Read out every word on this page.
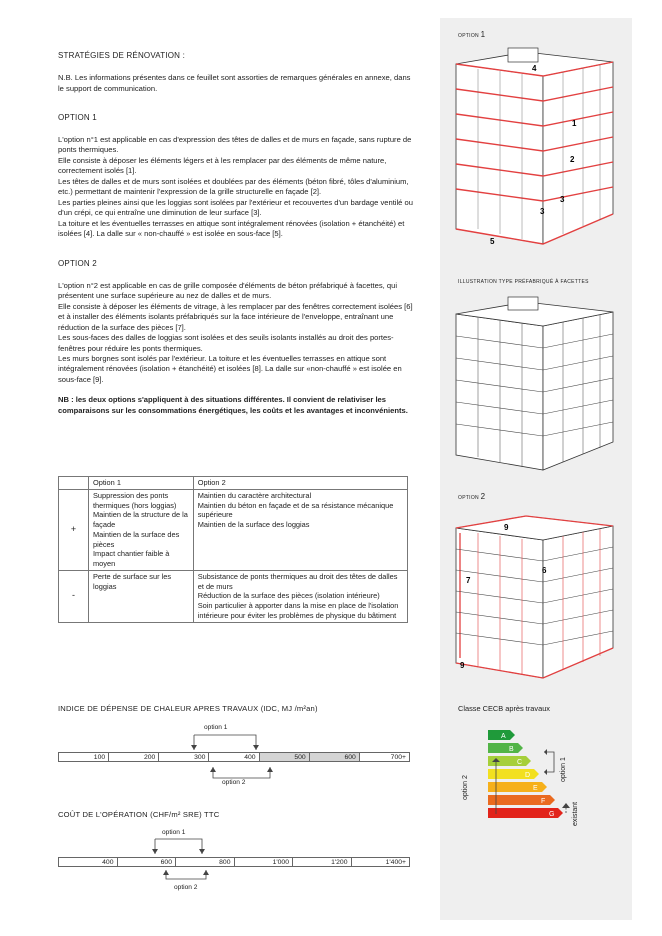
STRATÉGIES DE RÉNOVATION :
N.B. Les informations présentes dans ce feuillet sont assorties de remarques générales en annexe, dans le support de communication.
OPTION 1
L'option n°1 est applicable en cas d'expression des têtes de dalles et de murs en façade, sans rupture de ponts thermiques.
Elle consiste à déposer les éléments légers et à les remplacer par des éléments de même nature, correctement isolés [1].
Les têtes de dalles et de murs sont isolées et doublées par des éléments (béton fibré, tôles d'aluminium, etc.) permettant de maintenir l'expression de la grille structurelle en façade [2].
Les parties pleines ainsi que les loggias sont isolées par l'extérieur et recouvertes d'un bardage ventilé ou d'un crépi, ce qui entraîne une diminution de leur surface [3].
La toiture et les éventuelles terrasses en attique sont intégralement rénovées (isolation + étanchéité) et isolées [4]. La dalle sur « non-chauffé » est isolée en sous-face [5].
OPTION 2
L'option n°2 est applicable en cas de grille composée d'éléments de béton préfabriqué à facettes, qui présentent une surface supérieure au nez de dalles et de murs.
Elle consiste à déposer les éléments de vitrage, à les remplacer par des fenêtres correctement isolées [6] et à installer des éléments isolants préfabriqués sur la face intérieure de l'enveloppe, entraînant une réduction de la surface des pièces [7].
Les sous-faces des dalles de loggias sont isolées et des seuils isolants installés au droit des portes-fenêtres pour réduire les ponts thermiques.
Les murs borgnes sont isolés par l'extérieur. La toiture et les éventuelles terrasses en attique sont intégralement rénovées (isolation + étanchéité) et isolées [8]. La dalle sur «non-chauffé » est isolée en sous-face [9].
NB : les deux options s'appliquent à des situations différentes. Il convient de relativiser les comparaisons sur les consommations énergétiques, les coûts et les avantages et inconvénients.
	Option 1	Option 2
+	Suppression des ponts thermiques (hors loggias)
Maintien de la structure de la façade
Maintien de la surface des pièces
Impact chantier faible à moyen	Maintien du caractère architectural
Maintien du béton en façade et de sa résistance mécanique supérieure
Maintien de la surface des loggias

-	Perte de surface sur les loggias	Subsistance de ponts thermiques au droit des têtes de dalles et de murs
Réduction de la surface des pièces (isolation intérieure)
Soin particulier à apporter dans la mise en place de l'isolation intérieure pour éviter les problèmes de physique du bâtiment
INDICE DE DÉPENSE DE CHALEUR APRES TRAVAUX (IDC, MJ /m²an)
option 1
100	200	300	400	500	600	700+
option 2
COÛT DE L'OPÉRATION (CHF/m² SRE) TTC
option 1
400	600	800	1'000	1'200	1'400+
option 2
OPTION 1
4
1
2
3
3
5
ILLUSTRATION TYPE PRÉFABRIQUÉ À FACETTES
OPTION 2
9
6
7
9
Classe CECB après travaux
A
B
C
D
E
F
G
option 2
option 1
existant
